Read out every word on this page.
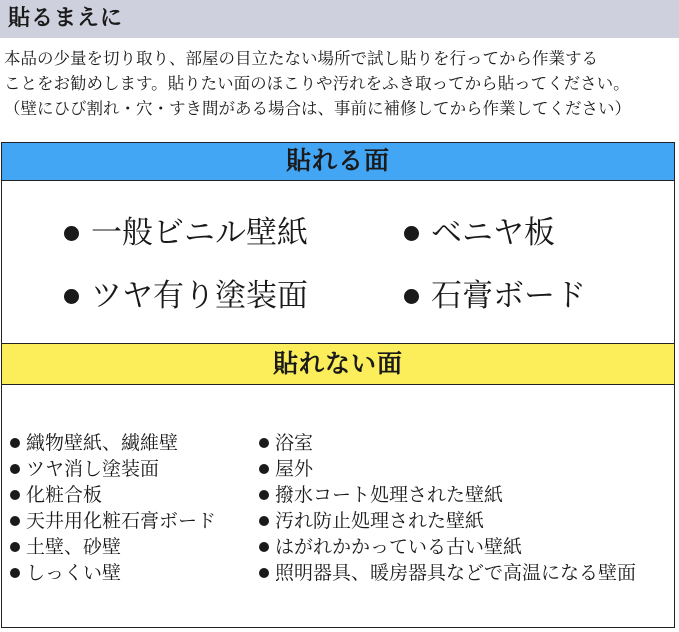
貼るまえに
本品の少量を切り取り、部屋の目立たない場所で試し貼りを行ってから作業する
ことをお勧めします。貼りたい面のほこりや汚れをふき取ってから貼ってください。
（壁にひび割れ・穴・すき間がある場合は、事前に補修してから作業してください）
貼れる面
一般ビニル壁紙	ベニヤ板
ツヤ有り塗装面	石膏ボード
貼れない面
織物壁紙、繊維壁
ツヤ消し塗装面
化粧合板
天井用化粧石膏ボード
土壁、砂壁
しっくい壁
浴室
屋外
撥水コート処理された壁紙
汚れ防止処理された壁紙
はがれかかっている古い壁紙
照明器具、暖房器具などで高温になる壁面
